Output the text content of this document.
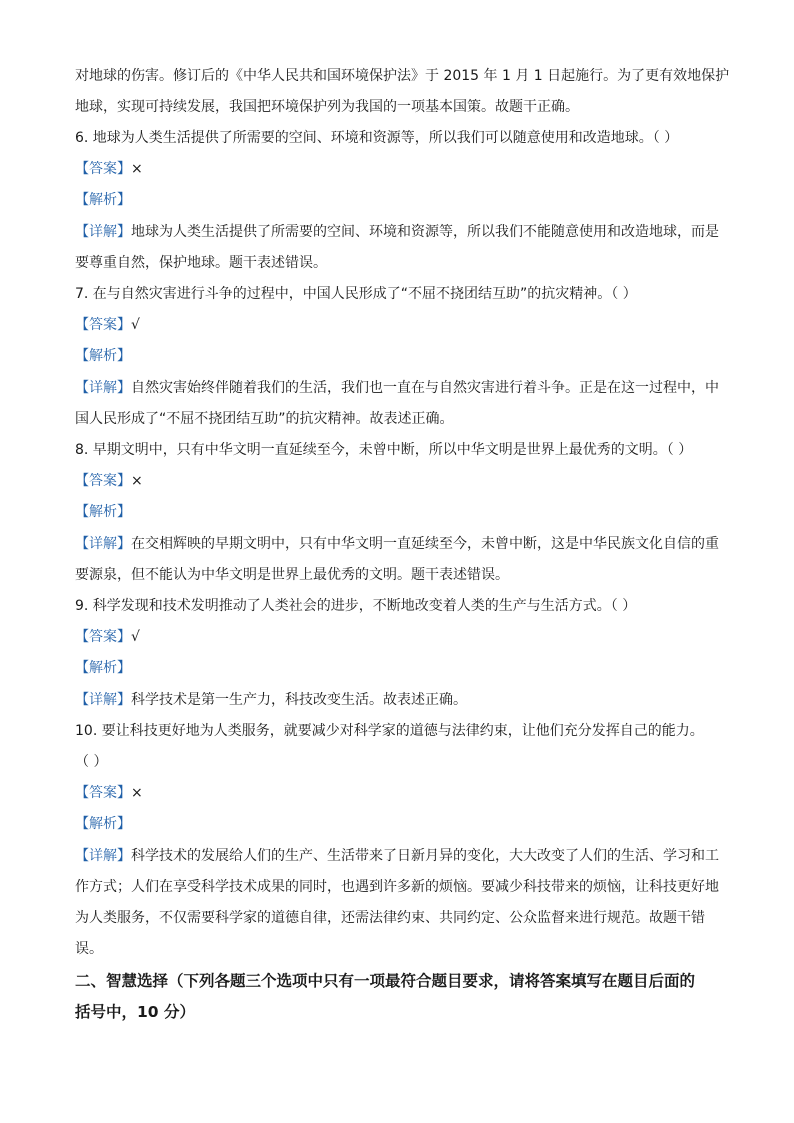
对地球的伤害。修订后的《中华人民共和国环境保护法》于 2015 年 1 月 1 日起施行。为了更有效地保护
地球，实现可持续发展，我国把环境保护列为我国的一项基本国策。故题干正确。
6. 地球为人类生活提供了所需要的空间、环境和资源等，所以我们可以随意使用和改造地球。（ ）
【答案】×
【解析】
【详解】地球为人类生活提供了所需要的空间、环境和资源等，所以我们不能随意使用和改造地球，而是
要尊重自然，保护地球。题干表述错误。
7. 在与自然灾害进行斗争的过程中，中国人民形成了“不屈不挠团结互助”的抗灾精神。（ ）
【答案】√
【解析】
【详解】自然灾害始终伴随着我们的生活，我们也一直在与自然灾害进行着斗争。正是在这一过程中，中
国人民形成了“不屈不挠团结互助”的抗灾精神。故表述正确。
8. 早期文明中，只有中华文明一直延续至今，未曾中断，所以中华文明是世界上最优秀的文明。（ ）
【答案】×
【解析】
【详解】在交相辉映的早期文明中，只有中华文明一直延续至今，未曾中断，这是中华民族文化自信的重
要源泉，但不能认为中华文明是世界上最优秀的文明。题干表述错误。
9. 科学发现和技术发明推动了人类社会的进步，不断地改变着人类的生产与生活方式。（ ）
【答案】√
【解析】
【详解】科学技术是第一生产力，科技改变生活。故表述正确。
10. 要让科技更好地为人类服务，就要减少对科学家的道德与法律约束，让他们充分发挥自己的能力。
（ ）
【答案】×
【解析】
【详解】科学技术的发展给人们的生产、生活带来了日新月异的变化，大大改变了人们的生活、学习和工
作方式；人们在享受科学技术成果的同时，也遇到许多新的烦恼。要减少科技带来的烦恼，让科技更好地
为人类服务，不仅需要科学家的道德自律，还需法律约束、共同约定、公众监督来进行规范。故题干错
误。
二、智慧选择（下列各题三个选项中只有一项最符合题目要求，请将答案填写在题目后面的
括号中，10 分）
